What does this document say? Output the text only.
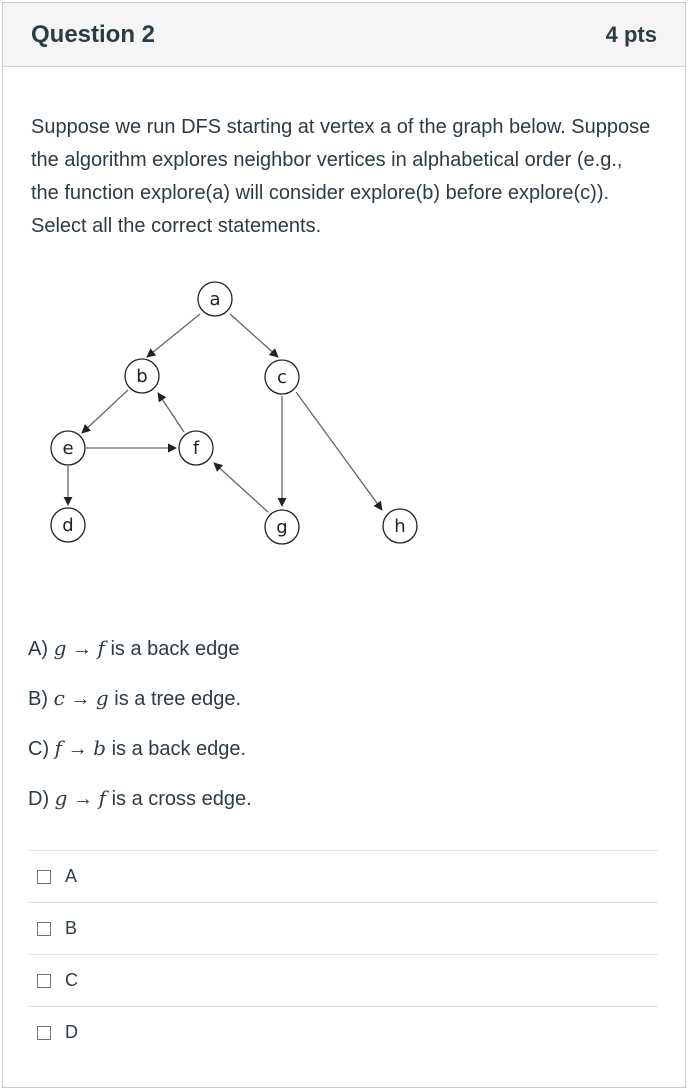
Question 2	4 pts
Suppose we run DFS starting at vertex a of the graph below. Suppose the algorithm explores neighbor vertices in alphabetical order (e.g., the function explore(a) will consider explore(b) before explore(c)). Select all the correct statements.
a
b	c
e	f
d	g	h
A) g → f is a back edge
B) c → g is a tree edge.
C) f → b is a back edge.
D) g → f is a cross edge.
A
B
C
D
